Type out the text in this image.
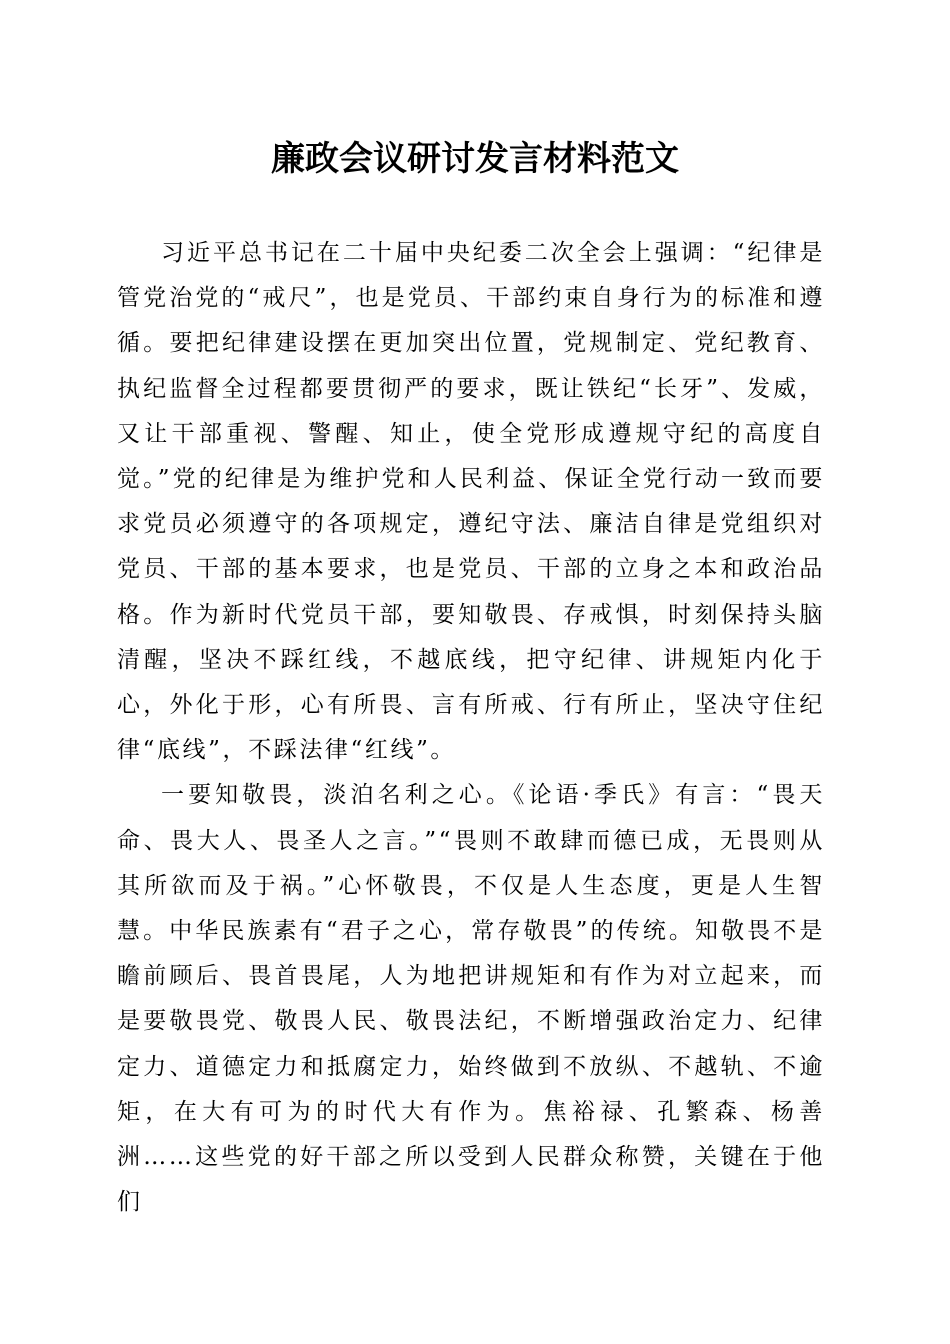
廉政会议研讨发言材料范文

习近平总书记在二十届中央纪委二次全会上强调：“纪律是管党治党的“戒尺”，也是党员、干部约束自身行为的标准和遵循。要把纪律建设摆在更加突出位置，党规制定、党纪教育、执纪监督全过程都要贯彻严的要求，既让铁纪“长牙”、发威，又让干部重视、警醒、知止，使全党形成遵规守纪的高度自觉。”党的纪律是为维护党和人民利益、保证全党行动一致而要求党员必须遵守的各项规定，遵纪守法、廉洁自律是党组织对党员、干部的基本要求，也是党员、干部的立身之本和政治品格。作为新时代党员干部，要知敬畏、存戒惧，时刻保持头脑清醒，坚决不踩红线，不越底线，把守纪律、讲规矩内化于心，外化于形，心有所畏、言有所戒、行有所止，坚决守住纪律“底线”，不踩法律“红线”。

一要知敬畏，淡泊名利之心。《论语·季氏》有言：“畏天命、畏大人、畏圣人之言。”“畏则不敢肆而德已成，无畏则从其所欲而及于祸。”心怀敬畏，不仅是人生态度，更是人生智慧。中华民族素有“君子之心，常存敬畏”的传统。知敬畏不是瞻前顾后、畏首畏尾，人为地把讲规矩和有作为对立起来，而是要敬畏党、敬畏人民、敬畏法纪，不断增强政治定力、纪律定力、道德定力和抵腐定力，始终做到不放纵、不越轨、不逾矩，在大有可为的时代大有作为。焦裕禄、孔繁森、杨善洲……这些党的好干部之所以受到人民群众称赞，关键在于他们
